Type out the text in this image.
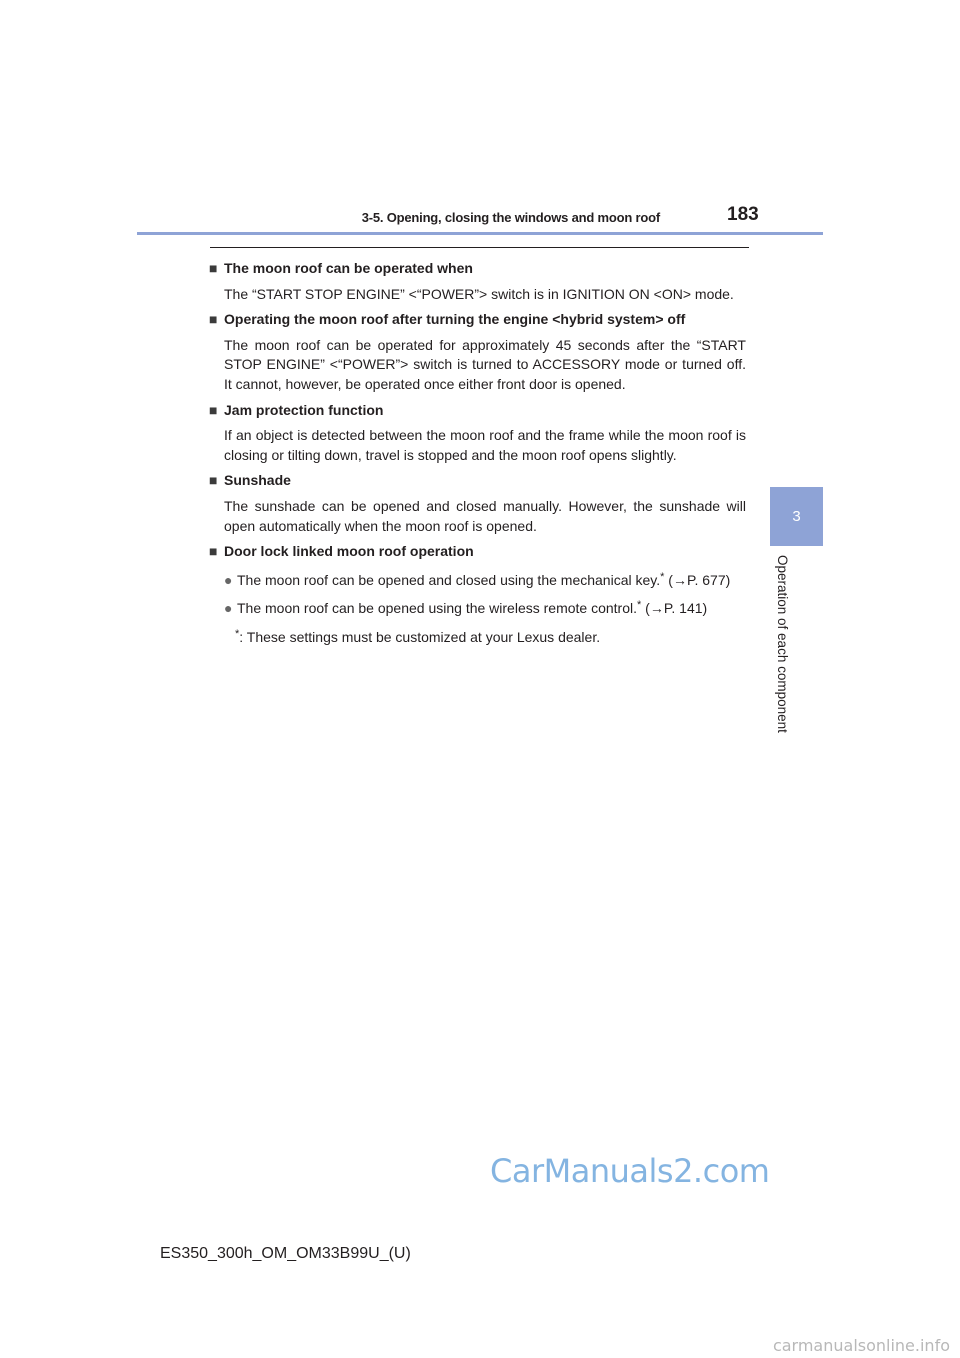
3-5. Opening, closing the windows and moon roof	183
3
Operation of each component
■ The moon roof can be operated when
The “START STOP ENGINE” <“POWER”> switch is in IGNITION ON <ON> mode.
■ Operating the moon roof after turning the engine <hybrid system> off
The moon roof can be operated for approximately 45 seconds after the “START STOP ENGINE” <“POWER”> switch is turned to ACCESSORY mode or turned off. It cannot, however, be operated once either front door is opened.
■ Jam protection function
If an object is detected between the moon roof and the frame while the moon roof is closing or tilting down, travel is stopped and the moon roof opens slightly.
■ Sunshade
The sunshade can be opened and closed manually. However, the sunshade will open automatically when the moon roof is opened.
■ Door lock linked moon roof operation
● The moon roof can be opened and closed using the mechanical key.* (→P. 677)
● The moon roof can be opened using the wireless remote control.* (→P. 141)
*: These settings must be customized at your Lexus dealer.
CarManuals2.com
ES350_300h_OM_OM33B99U_(U)
carmanualsonline.info
